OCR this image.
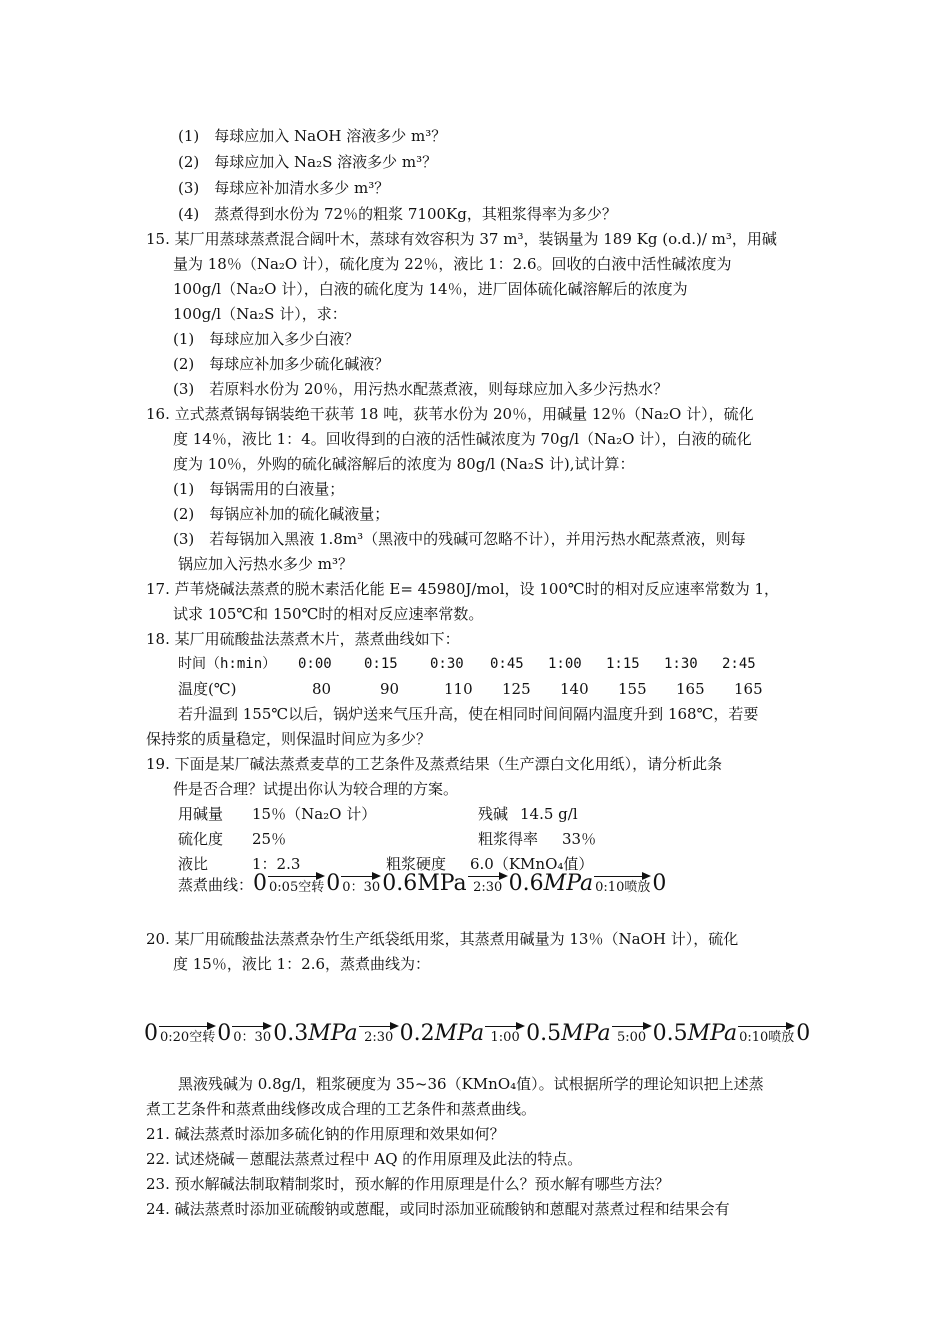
(1)　每球应加入 NaOH 溶液多少 m³？
(2)　每球应加入 Na₂S 溶液多少 m³？
(3)　每球应补加清水多少 m³？
(4)　蒸煮得到水份为 72％的粗浆 7100Kg，其粗浆得率为多少？
15. 某厂用蒸球蒸煮混合阔叶木，蒸球有效容积为 37 m³，装锅量为 189 Kg (o.d.)/ m³，用碱
量为 18％（Na₂O 计），硫化度为 22％，液比 1：2.6。回收的白液中活性碱浓度为
100g/l（Na₂O 计），白液的硫化度为 14％，进厂固体硫化碱溶解后的浓度为
100g/l（Na₂S 计），求：
(1)　每球应加入多少白液？
(2)　每球应补加多少硫化碱液？
(3)　若原料水份为 20％，用污热水配蒸煮液，则每球应加入多少污热水？
16. 立式蒸煮锅每锅装绝干荻苇 18 吨，荻苇水份为 20％，用碱量 12％（Na₂O 计），硫化
度 14％，液比 1：4。回收得到的白液的活性碱浓度为 70g/l（Na₂O 计），白液的硫化
度为 10％，外购的硫化碱溶解后的浓度为 80g/l (Na₂S 计),试计算：
(1)　每锅需用的白液量；
(2)　每锅应补加的硫化碱液量；
(3)　若每锅加入黑液 1.8m³（黑液中的残碱可忽略不计），并用污热水配蒸煮液，则每
锅应加入污热水多少 m³？
17. 芦苇烧碱法蒸煮的脱木素活化能 E= 45980J/mol，设 100℃时的相对反应速率常数为 1，
试求 105℃和 150℃时的相对反应速率常数。
18. 某厂用硫酸盐法蒸煮木片，蒸煮曲线如下：
时间（h:min） 0:00 0:15 0:30 0:45 1:00 1:15 1:30 2:45
温度(℃)	80	90	110 125 140 155 165 165
若升温到 155℃以后，锅炉送来气压升高，使在相同时间间隔内温度升到 168℃，若要
保持浆的质量稳定，则保温时间应为多少？
19. 下面是某厂碱法蒸煮麦草的工艺条件及蒸煮结果（生产漂白文化用纸），请分析此条
件是否合理？试提出你认为较合理的方案。
用碱量 15％（Na₂O 计）	残碱 14.5 g/l
硫化度 25％	粗浆得率 33％
液比	1：2.3	粗浆硬度 6.0（KMnO₄值）
蒸煮曲线： 0 0:05空转 0 0：30 0.6MPa 2:30 0.6 MPa 0:10喷放 0
20. 某厂用硫酸盐法蒸煮杂竹生产纸袋纸用浆，其蒸煮用碱量为 13％（NaOH 计），硫化
度 15％，液比 1：2.6，蒸煮曲线为：
0 0:20空转 0 0：30 0.3 MPa 2:30 0.2 MPa 1:00 0.5 MPa 5:00 0.5 MPa 0:10喷放 0
黑液残碱为 0.8g/l，粗浆硬度为 35~36（KMnO₄值）。试根据所学的理论知识把上述蒸
煮工艺条件和蒸煮曲线修改成合理的工艺条件和蒸煮曲线。
21. 碱法蒸煮时添加多硫化钠的作用原理和效果如何？
22. 试述烧碱－蒽醌法蒸煮过程中 AQ 的作用原理及此法的特点。
23. 预水解碱法制取精制浆时，预水解的作用原理是什么？预水解有哪些方法？
24. 碱法蒸煮时添加亚硫酸钠或蒽醌，或同时添加亚硫酸钠和蒽醌对蒸煮过程和结果会有
